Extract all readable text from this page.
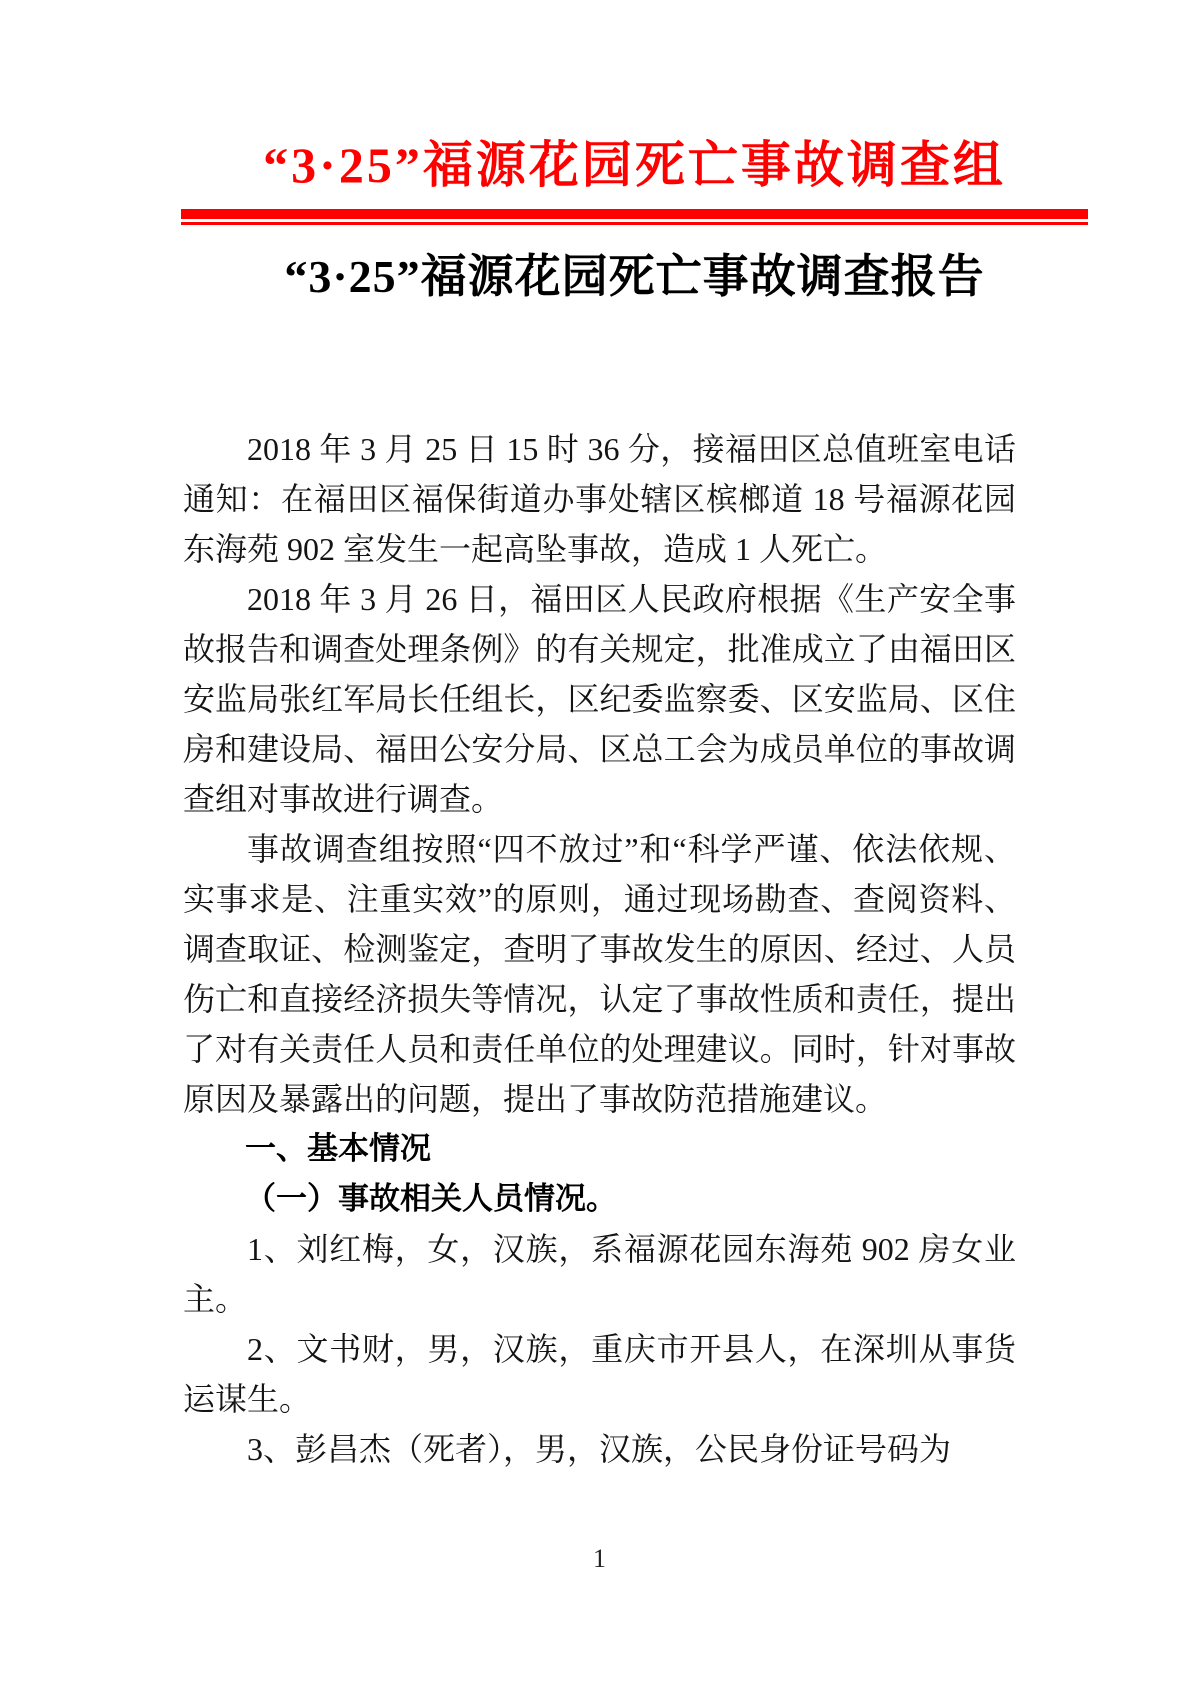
“3·25”福源花园死亡事故调查组
“3·25”福源花园死亡事故调查报告

2018 年 3 月 25 日 15 时 36 分，接福田区总值班室电话通知：在福田区福保街道办事处辖区槟榔道 18 号福源花园东海苑 902 室发生一起高坠事故，造成 1 人死亡。

2018 年 3 月 26 日，福田区人民政府根据《生产安全事故报告和调查处理条例》的有关规定，批准成立了由福田区安监局张红军局长任组长，区纪委监察委、区安监局、区住房和建设局、福田公安分局、区总工会为成员单位的事故调查组对事故进行调查。

事故调查组按照“四不放过”和“科学严谨、依法依规、实事求是、注重实效”的原则，通过现场勘查、查阅资料、调查取证、检测鉴定，查明了事故发生的原因、经过、人员伤亡和直接经济损失等情况，认定了事故性质和责任，提出了对有关责任人员和责任单位的处理建议。同时，针对事故原因及暴露出的问题，提出了事故防范措施建议。

一、基本情况

（一）事故相关人员情况。

1、刘红梅，女，汉族，系福源花园东海苑 902 房女业主。

2、文书财，男，汉族，重庆市开县人，在深圳从事货运谋生。

3、彭昌杰（死者），男，汉族，公民身份证号码为

1
